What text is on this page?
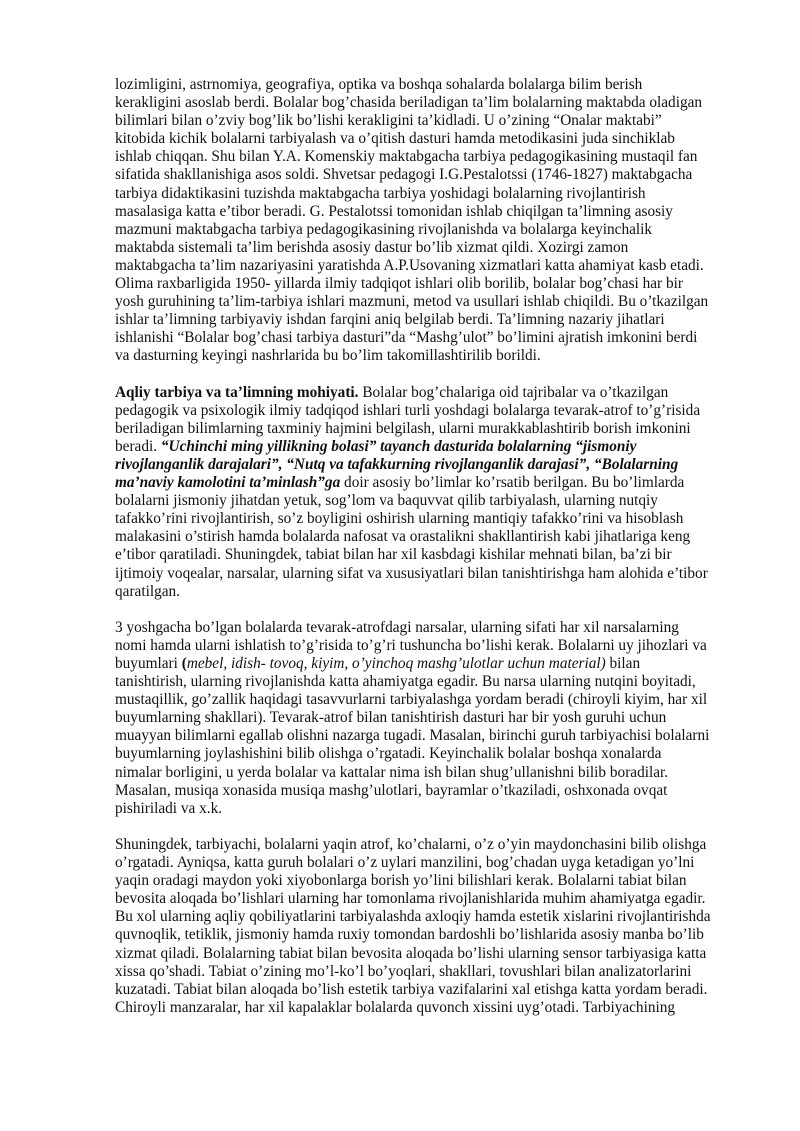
lozimligini, astrnomiya, geografiya, optika va boshqa sohalarda bolalarga bilim berish
kerakligini asoslab berdi. Bolalar bog’chasida beriladigan ta’lim bolalarning maktabda oladigan
bilimlari bilan o’zviy bog’lik bo’lishi kerakligini ta’kidladi. U o’zining “Onalar maktabi”
kitobida kichik bolalarni tarbiyalash va o’qitish dasturi hamda metodikasini juda sinchiklab
ishlab chiqqan. Shu bilan Y.A. Komenskiy maktabgacha tarbiya pedagogikasining mustaqil fan
sifatida shakllanishiga asos soldi. Shvetsar pedagogi I.G.Pestalotssi (1746-1827) maktabgacha
tarbiya didaktikasini tuzishda maktabgacha tarbiya yoshidagi bolalarning rivojlantirish
masalasiga katta e’tibor beradi. G. Pestalotssi tomonidan ishlab chiqilgan ta’limning asosiy
mazmuni maktabgacha tarbiya pedagogikasining rivojlanishda va bolalarga keyinchalik
maktabda sistemali ta’lim berishda asosiy dastur bo’lib xizmat qildi. Xozirgi zamon
maktabgacha ta’lim nazariyasini yaratishda A.P.Usovaning xizmatlari katta ahamiyat kasb etadi.
Olima raxbarligida 1950- yillarda ilmiy tadqiqot ishlari olib borilib, bolalar bog’chasi har bir
yosh guruhining ta’lim-tarbiya ishlari mazmuni, metod va usullari ishlab chiqildi. Bu o’tkazilgan
ishlar ta’limning tarbiyaviy ishdan farqini aniq belgilab berdi. Ta’limning nazariy jihatlari
ishlanishi “Bolalar bog’chasi tarbiya dasturi”da “Mashg’ulot” bo’limini ajratish imkonini berdi
va dasturning keyingi nashrlarida bu bo’lim takomillashtirilib borildi.

Aqliy tarbiya va ta’limning mohiyati. Bolalar bog’chalariga oid tajribalar va o’tkazilgan
pedagogik va psixologik ilmiy tadqiqod ishlari turli yoshdagi bolalarga tevarak-atrof to’g’risida
beriladigan bilimlarning taxminiy hajmini belgilash, ularni murakkablashtirib borish imkonini
beradi. “Uchinchi ming yillikning bolasi” tayanch dasturida bolalarning “jismoniy
rivojlanganlik darajalari”, “Nutq va tafakkurning rivojlanganlik darajasi”, “Bolalarning
ma’naviy kamolotini ta’minlash”ga doir asosiy bo’limlar ko’rsatib berilgan. Bu bo’limlarda
bolalarni jismoniy jihatdan yetuk, sog’lom va baquvvat qilib tarbiyalash, ularning nutqiy
tafakko’rini rivojlantirish, so’z boyligini oshirish ularning mantiqiy tafakko’rini va hisoblash
malakasini o’stirish hamda bolalarda nafosat va orastalikni shakllantirish kabi jihatlariga keng
e’tibor qaratiladi. Shuningdek, tabiat bilan har xil kasbdagi kishilar mehnati bilan, ba’zi bir
ijtimoiy voqealar, narsalar, ularning sifat va xususiyatlari bilan tanishtirishga ham alohida e’tibor
qaratilgan.

3 yoshgacha bo’lgan bolalarda tevarak-atrofdagi narsalar, ularning sifati har xil narsalarning
nomi hamda ularni ishlatish to’g’risida to’g’ri tushuncha bo’lishi kerak. Bolalarni uy jihozlari va
buyumlari (mebel, idish- tovoq, kiyim, o’yinchoq mashg’ulotlar uchun material) bilan
tanishtirish, ularning rivojlanishda katta ahamiyatga egadir. Bu narsa ularning nutqini boyitadi,
mustaqillik, go’zallik haqidagi tasavvurlarni tarbiyalashga yordam beradi (chiroyli kiyim, har xil
buyumlarning shakllari). Tevarak-atrof bilan tanishtirish dasturi har bir yosh guruhi uchun
muayyan bilimlarni egallab olishni nazarga tugadi. Masalan, birinchi guruh tarbiyachisi bolalarni
buyumlarning joylashishini bilib olishga o’rgatadi. Keyinchalik bolalar boshqa xonalarda
nimalar borligini, u yerda bolalar va kattalar nima ish bilan shug’ullanishni bilib boradilar.
Masalan, musiqa xonasida musiqa mashg’ulotlari, bayramlar o’tkaziladi, oshxonada ovqat
pishiriladi va x.k.

Shuningdek, tarbiyachi, bolalarni yaqin atrof, ko’chalarni, o’z o’yin maydonchasini bilib olishga
o’rgatadi. Ayniqsa, katta guruh bolalari o’z uylari manzilini, bog’chadan uyga ketadigan yo’lni
yaqin oradagi maydon yoki xiyobonlarga borish yo’lini bilishlari kerak. Bolalarni tabiat bilan
bevosita aloqada bo’lishlari ularning har tomonlama rivojlanishlarida muhim ahamiyatga egadir.
Bu xol ularning aqliy qobiliyatlarini tarbiyalashda axloqiy hamda estetik xislarini rivojlantirishda
quvnoqlik, tetiklik, jismoniy hamda ruxiy tomondan bardoshli bo’lishlarida asosiy manba bo’lib
xizmat qiladi. Bolalarning tabiat bilan bevosita aloqada bo’lishi ularning sensor tarbiyasiga katta
xissa qo’shadi. Tabiat o’zining mo’l-ko’l bo’yoqlari, shakllari, tovushlari bilan analizatorlarini
kuzatadi. Tabiat bilan aloqada bo’lish estetik tarbiya vazifalarini xal etishga katta yordam beradi.
Chiroyli manzaralar, har xil kapalaklar bolalarda quvonch xissini uyg’otadi. Tarbiyachining
